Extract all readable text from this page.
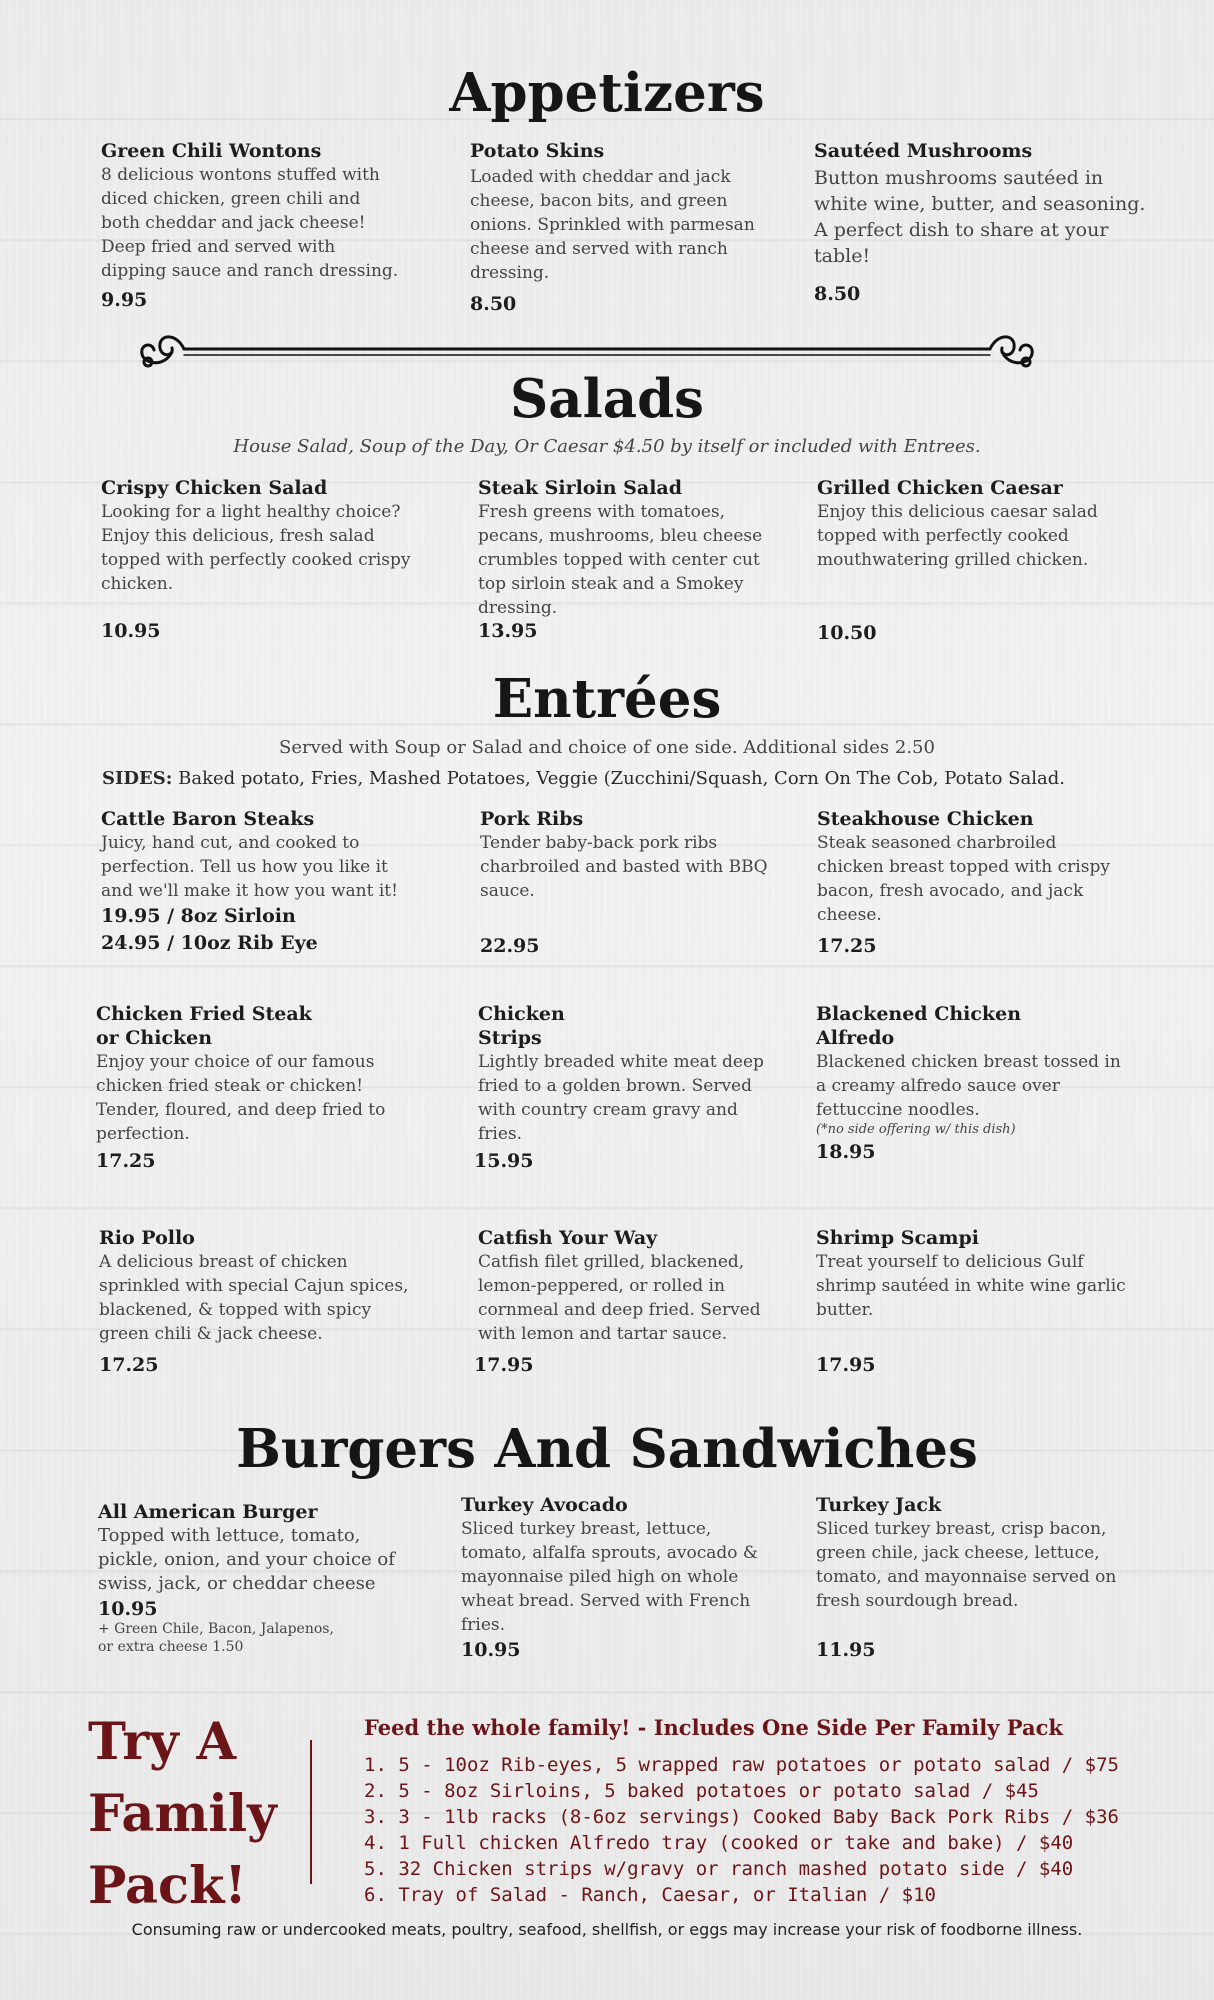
Appetizers
Green Chili Wontons
8 delicious wontons stuffed with diced chicken, green chili and both cheddar and jack cheese! Deep fried and served with dipping sauce and ranch dressing.
9.95
Potato Skins
Loaded with cheddar and jack cheese, bacon bits, and green onions. Sprinkled with parmesan cheese and served with ranch dressing.
8.50
Sautéed Mushrooms
Button mushrooms sautéed in white wine, butter, and seasoning. A perfect dish to share at your table!
8.50
Salads
House Salad, Soup of the Day, Or Caesar $4.50 by itself or included with Entrees.
Crispy Chicken Salad
Looking for a light healthy choice? Enjoy this delicious, fresh salad topped with perfectly cooked crispy chicken.
10.95
Steak Sirloin Salad
Fresh greens with tomatoes, pecans, mushrooms, bleu cheese crumbles topped with center cut top sirloin steak and a Smokey dressing.
13.95
Grilled Chicken Caesar
Enjoy this delicious caesar salad topped with perfectly cooked mouthwatering grilled chicken.
10.50
Entrées
Served with Soup or Salad and choice of one side. Additional sides 2.50
SIDES: Baked potato, Fries, Mashed Potatoes, Veggie (Zucchini/Squash, Corn On The Cob, Potato Salad.
Cattle Baron Steaks
Juicy, hand cut, and cooked to perfection. Tell us how you like it and we'll make it how you want it!
19.95 / 8oz Sirloin
24.95 / 10oz Rib Eye
Pork Ribs
Tender baby-back pork ribs charbroiled and basted with BBQ sauce.
22.95
Steakhouse Chicken
Steak seasoned charbroiled chicken breast topped with crispy bacon, fresh avocado, and jack cheese.
17.25
Chicken Fried Steak
or Chicken
Enjoy your choice of our famous chicken fried steak or chicken! Tender, floured, and deep fried to perfection.
17.25
Chicken
Strips
Lightly breaded white meat deep fried to a golden brown. Served with country cream gravy and fries.
15.95
Blackened Chicken
Alfredo
Blackened chicken breast tossed in a creamy alfredo sauce over fettuccine noodles.
(*no side offering w/ this dish)
18.95
Rio Pollo
A delicious breast of chicken sprinkled with special Cajun spices, blackened, & topped with spicy green chili & jack cheese.
17.25
Catfish Your Way
Catfish filet grilled, blackened, lemon-peppered, or rolled in cornmeal and deep fried. Served with lemon and tartar sauce.
17.95
Shrimp Scampi
Treat yourself to delicious Gulf shrimp sautéed in white wine garlic butter.
17.95
Burgers And Sandwiches
All American Burger
Topped with lettuce, tomato, pickle, onion, and your choice of swiss, jack, or cheddar cheese
10.95
+ Green Chile, Bacon, Jalapenos,
or extra cheese 1.50
Turkey Avocado
Sliced turkey breast, lettuce, tomato, alfalfa sprouts, avocado & mayonnaise piled high on whole wheat bread. Served with French fries.
10.95
Turkey Jack
Sliced turkey breast, crisp bacon, green chile, jack cheese, lettuce, tomato, and mayonnaise served on fresh sourdough bread.
11.95
Try A
Family
Pack!
Feed the whole family! - Includes One Side Per Family Pack
1. 5 - 10oz Rib-eyes, 5 wrapped raw potatoes or potato salad / $75
2. 5 - 8oz Sirloins, 5 baked potatoes or potato salad / $45
3. 3 - 1lb racks (8-6oz servings) Cooked Baby Back Pork Ribs / $36
4. 1 Full chicken Alfredo tray (cooked or take and bake) / $40
5. 32 Chicken strips w/gravy or ranch mashed potato side / $40
6. Tray of Salad - Ranch, Caesar, or Italian / $10
Consuming raw or undercooked meats, poultry, seafood, shellfish, or eggs may increase your risk of foodborne illness.
